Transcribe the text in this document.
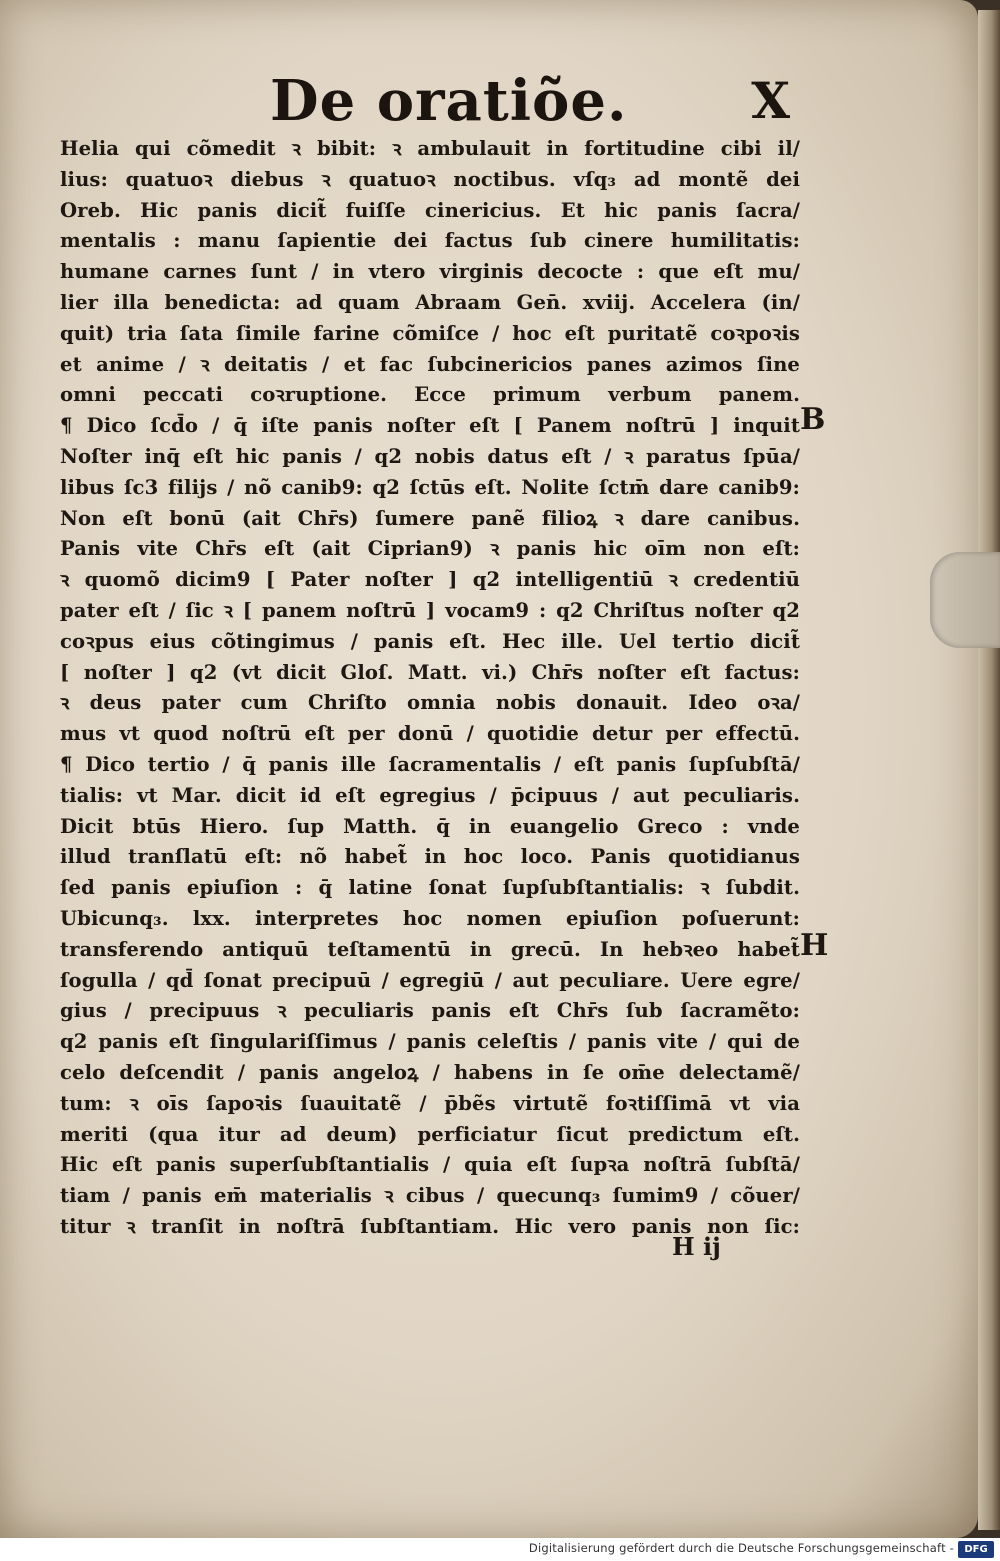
De oratiõe. X
Helia qui cõmedit ꝛ bibit: ꝛ ambulauit in fortitudine cibi il/
lius: quatuoꝛ diebus ꝛ quatuoꝛ noctibus. vſq₃ ad montẽ dei
Oreb. Hic panis dicit̃ fuiſſe cinericius. Et hic panis ſacra/
mentalis : manu ſapientie dei factus ſub cinere humilitatis:
humane carnes ſunt / in vtero virginis decocte : que eſt mu/
lier illa benedicta: ad quam Abraam Gen̄. xviij. Accelera (in/
quit) tria ſata ſimile farine cõmiſce / hoc eſt puritatẽ coꝛpoꝛis
et anime / ꝛ deitatis / et fac ſubcinericios panes azimos ſine
omni peccati coꝛruptione. Ecce primum verbum panem.
¶ Dico ſcd̄o / q̄ iſte panis noſter eſt [ Panem noſtrū ] inquit
Noſter inq̄ eſt hic panis / q2 nobis datus eſt / ꝛ paratus ſpūa/
libus ſc3 filijs / nõ canib9: q2 ſctūs eſt. Nolite ſctm̄ dare canib9:
Non eſt bonū (ait Chr̄s) ſumere panẽ filioꝝ ꝛ dare canibus.
Panis vite Chr̄s eſt (ait Ciprian9) ꝛ panis hic oīm non eſt:
ꝛ quomõ dicim9 [ Pater noſter ] q2 intelligentiū ꝛ credentiū
pater eſt / ſic ꝛ [ panem noſtrū ] vocam9 : q2 Chriſtus noſter q2
coꝛpus eius cõtingimus / panis eſt. Hec ille. Uel tertio dicit̃
[ noſter ] q2 (vt dicit Gloſ. Matt. vi.) Chr̄s noſter eſt factus:
ꝛ deus pater cum Chriſto omnia nobis donauit. Ideo oꝛa/
mus vt quod noſtrū eſt per donū / quotidie detur per effectū.
¶ Dico tertio / q̄ panis ille ſacramentalis / eſt panis ſupſubſtā/
tialis: vt Mar. dicit id eſt egregius / p̄cipuus / aut peculiaris.
Dicit btūs Hiero. ſup Matth. q̄ in euangelio Greco : vnde
illud tranſlatū eſt: nõ habet̃ in hoc loco. Panis quotidianus
ſed panis epiuſion : q̄ latine ſonat ſupſubſtantialis: ꝛ ſubdit.
Ubicunq₃. lxx. interpretes hoc nomen epiuſion poſuerunt:
transferendo antiquū teſtamentū in grecū. In hebꝛeo habet̃
ſogulla / qd̄ ſonat precipuū / egregiū / aut peculiare. Uere egre/
gius / precipuus ꝛ peculiaris panis eſt Chr̄s ſub ſacramẽto:
q2 panis eſt ſingulariſſimus / panis celeſtis / panis vite / qui de
celo deſcendit / panis angeloꝝ / habens in ſe om̄e delectamẽ/
tum: ꝛ oīs ſapoꝛis ſuauitatẽ / p̄bẽs virtutẽ foꝛtiſſimā vt via
meriti (qua itur ad deum) perficiatur ſicut predictum eſt.
Hic eſt panis superſubſtantialis / quia eſt ſupꝛa noſtrā ſubſtā/
tiam / panis em̄ materialis ꝛ cibus / quecunq₃ ſumim9 / cõuer/
titur ꝛ tranſit in noſtrā ſubſtantiam. Hic vero panis non ſic:
B
H
H ij
Digitalisierung gefördert durch die Deutsche Forschungsgemeinschaft -	DFG
